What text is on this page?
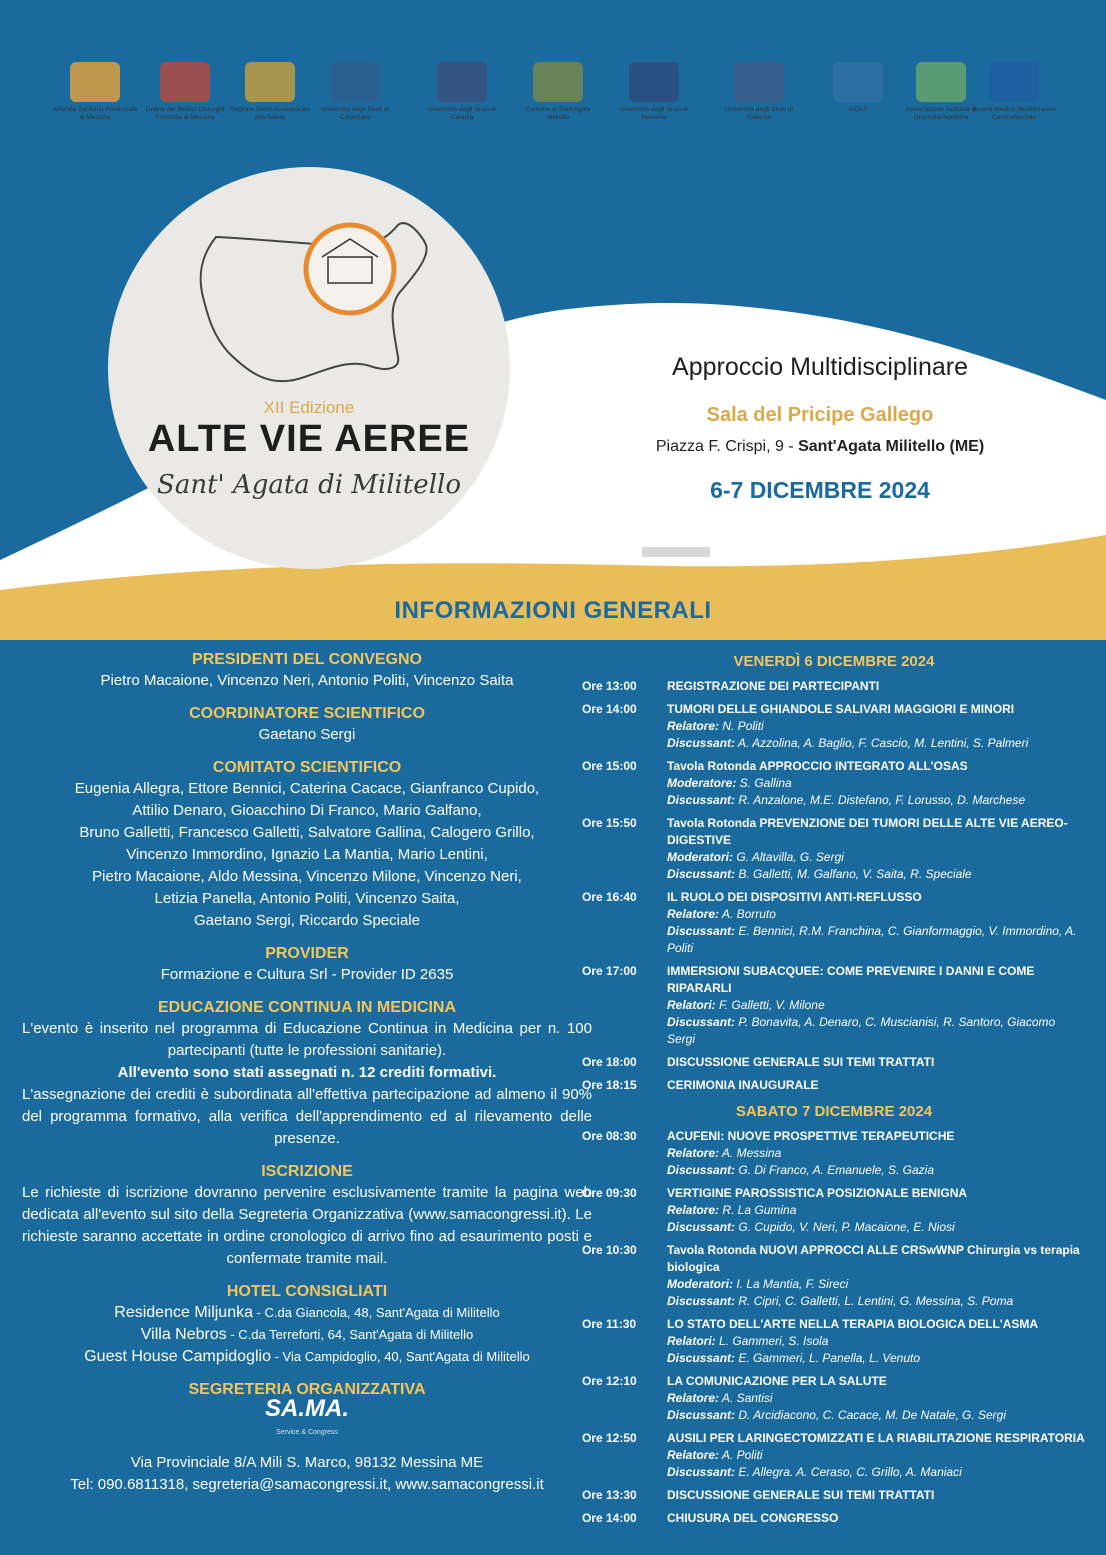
Azienda Sanitaria Provinciale di Messina
Ordine dei Medici Chirurghi Provincia di Messina
Regione Sicilia Assessorato alla Salute
Università degli Studi di Catanzaro
Università degli Studi di Catania
Comune di Sant'Agata Militello
Università degli Studi di Messina
Università degli Studi di Palermo
AIOLP	Associazione Siciliana di Otorinolaringoiatria
Scuola Medica Mediterranea Cervicofacciale
XII Edizione
ALTE VIE AEREE
Sant' Agata di Militello
Approccio Multidisciplinare
Sala del Pricipe Gallego
Piazza F. Crispi, 9 - Sant'Agata Militello (ME)
6-7 DICEMBRE 2024
INFORMAZIONI GENERALI
PRESIDENTI DEL CONVEGNO
Pietro Macaione, Vincenzo Neri, Antonio Politi, Vincenzo Saita
COORDINATORE SCIENTIFICO
Gaetano Sergi
COMITATO SCIENTIFICO
Eugenia Allegra, Ettore Bennici, Caterina Cacace, Gianfranco Cupido,
Attilio Denaro, Gioacchino Di Franco, Mario Galfano,
Bruno Galletti, Francesco Galletti, Salvatore Gallina, Calogero Grillo,
Vincenzo Immordino, Ignazio La Mantia, Mario Lentini,
Pietro Macaione, Aldo Messina, Vincenzo Milone, Vincenzo Neri,
Letizia Panella, Antonio Politi, Vincenzo Saita,
Gaetano Sergi, Riccardo Speciale
PROVIDER
Formazione e Cultura Srl - Provider ID 2635
EDUCAZIONE CONTINUA IN MEDICINA
L'evento è inserito nel programma di Educazione Continua in Medicina per n. 100 partecipanti (tutte le professioni sanitarie).
All'evento sono stati assegnati n. 12 crediti formativi.
L'assegnazione dei crediti è subordinata all'effettiva partecipazione ad almeno il 90% del programma formativo, alla verifica dell'apprendimento ed al rilevamento delle presenze.
ISCRIZIONE
Le richieste di iscrizione dovranno pervenire esclusivamente tramite la pagina web dedicata all'evento sul sito della Segreteria Organizzativa (www.samacongressi.it). Le richieste saranno accettate in ordine cronologico di arrivo fino ad esaurimento posti e confermate tramite mail.
HOTEL CONSIGLIATI
Residence Miljunka - C.da Giancola, 48, Sant'Agata di Militello
Villa Nebros - C.da Terreforti, 64, Sant'Agata di Militello
Guest House Campidoglio - Via Campidoglio, 40, Sant'Agata di Militello
SEGRETERIA ORGANIZZATIVA
SA.MA.
Service & Congress
Via Provinciale 8/A Mili S. Marco, 98132 Messina ME
Tel: 090.6811318, segreteria@samacongressi.it, www.samacongressi.it
VENERDÌ 6 DICEMBRE 2024
Ore 13:00	REGISTRAZIONE DEI PARTECIPANTI
Ore 14:00	TUMORI DELLE GHIANDOLE SALIVARI MAGGIORI E MINORI
Relatore: N. Politi
Discussant: A. Azzolina, A. Baglio, F. Cascio, M. Lentini, S. Palmeri
Ore 15:00	Tavola Rotonda APPROCCIO INTEGRATO ALL'OSAS
Moderatore: S. Gallina
Discussant: R. Anzalone, M.E. Distefano, F. Lorusso, D. Marchese
Ore 15:50	Tavola Rotonda PREVENZIONE DEI TUMORI DELLE ALTE VIE AEREO-DIGESTIVE
Moderatori: G. Altavilla, G. Sergi
Discussant: B. Galletti, M. Galfano, V. Saita, R. Speciale
Ore 16:40	IL RUOLO DEI DISPOSITIVI ANTI-REFLUSSO
Relatore: A. Borruto
Discussant: E. Bennici, R.M. Franchina, C. Gianformaggio, V. Immordino, A. Politi
Ore 17:00	IMMERSIONI SUBACQUEE: COME PREVENIRE I DANNI E COME RIPARARLI
Relatori: F. Galletti, V. Milone
Discussant: P. Bonavita, A. Denaro, C. Muscianisi, R. Santoro, Giacomo Sergi
Ore 18:00	DISCUSSIONE GENERALE SUI TEMI TRATTATI
Ore 18:15	CERIMONIA INAUGURALE
SABATO 7 DICEMBRE 2024
Ore 08:30	ACUFENI: NUOVE PROSPETTIVE TERAPEUTICHE
Relatore: A. Messina
Discussant: G. Di Franco, A. Emanuele, S. Gazia
Ore 09:30	VERTIGINE PAROSSISTICA POSIZIONALE BENIGNA
Relatore: R. La Gumina
Discussant: G. Cupido, V. Neri, P. Macaione, E. Niosi
Ore 10:30	Tavola Rotonda NUOVI APPROCCI ALLE CRSwWNP Chirurgia vs terapia biologica
Moderatori: I. La Mantia, F. Sireci
Discussant: R. Cipri, C. Galletti, L. Lentini, G. Messina, S. Poma
Ore 11:30	LO STATO DELL'ARTE NELLA TERAPIA BIOLOGICA DELL'ASMA
Relatori: L. Gammeri, S. Isola
Discussant: E. Gammeri, L. Panella, L. Venuto
Ore 12:10	LA COMUNICAZIONE PER LA SALUTE
Relatore: A. Santisi
Discussant: D. Arcidiacono, C. Cacace, M. De Natale, G. Sergi
Ore 12:50	AUSILI PER LARINGECTOMIZZATI E LA RIABILITAZIONE RESPIRATORIA
Relatore: A. Politi
Discussant: E. Allegra. A. Ceraso, C. Grillo, A. Maniaci
Ore 13:30	DISCUSSIONE GENERALE SUI TEMI TRATTATI
Ore 14:00	CHIUSURA DEL CONGRESSO
